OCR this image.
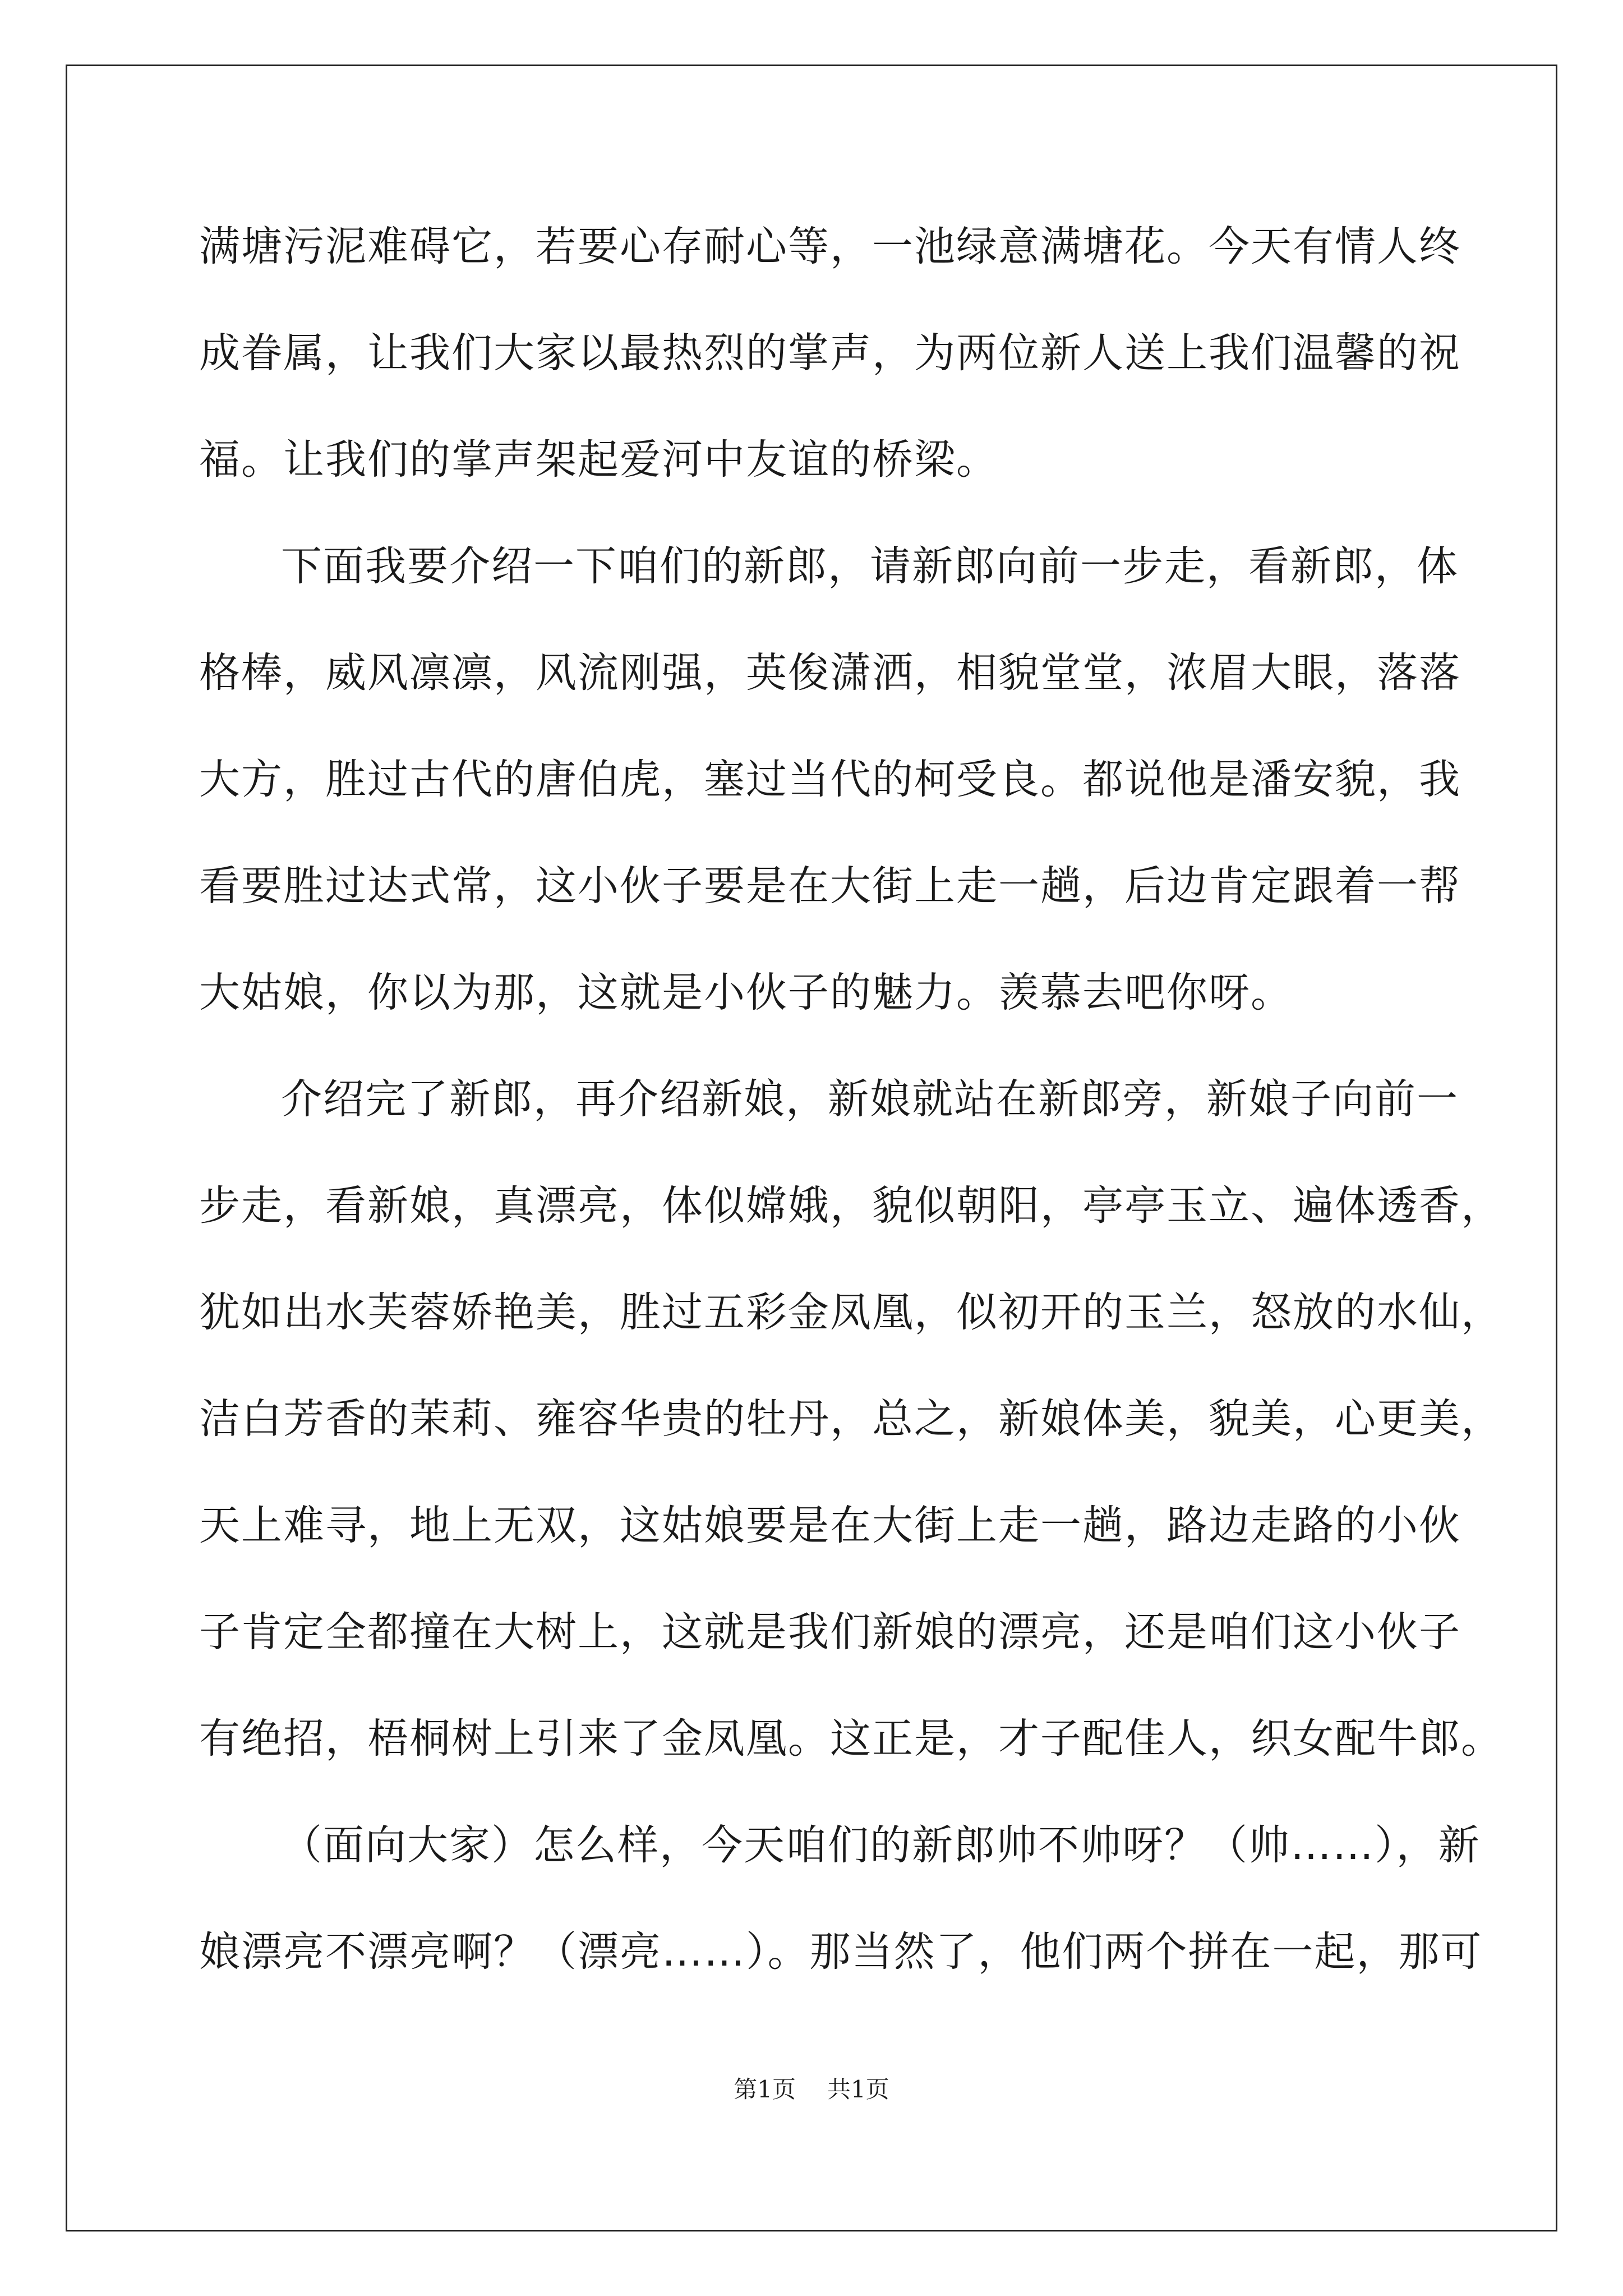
满塘污泥难碍它，若要心存耐心等，一池绿意满塘花。今天有情人终
成眷属，让我们大家以最热烈的掌声，为两位新人送上我们温馨的祝
福。让我们的掌声架起爱河中友谊的桥梁。
下面我要介绍一下咱们的新郎，请新郎向前一步走，看新郎，体
格棒，威风凛凛，风流刚强，英俊潇洒，相貌堂堂，浓眉大眼，落落
大方，胜过古代的唐伯虎，塞过当代的柯受良。都说他是潘安貌，我
看要胜过达式常，这小伙子要是在大街上走一趟，后边肯定跟着一帮
大姑娘，你以为那，这就是小伙子的魅力。羡慕去吧你呀。
介绍完了新郎，再介绍新娘，新娘就站在新郎旁，新娘子向前一
步走，看新娘，真漂亮，体似嫦娥，貌似朝阳，亭亭玉立、遍体透香，
犹如出水芙蓉娇艳美，胜过五彩金凤凰，似初开的玉兰，怒放的水仙，
洁白芳香的茉莉、雍容华贵的牡丹，总之，新娘体美，貌美，心更美，
天上难寻，地上无双，这姑娘要是在大街上走一趟，路边走路的小伙
子肯定全都撞在大树上，这就是我们新娘的漂亮，还是咱们这小伙子
有绝招，梧桐树上引来了金凤凰。这正是，才子配佳人，织女配牛郎。
（面向大家）怎么样，今天咱们的新郎帅不帅呀？（帅……），新
娘漂亮不漂亮啊？（漂亮……）。那当然了，他们两个拼在一起，那可
第1页 共1页
